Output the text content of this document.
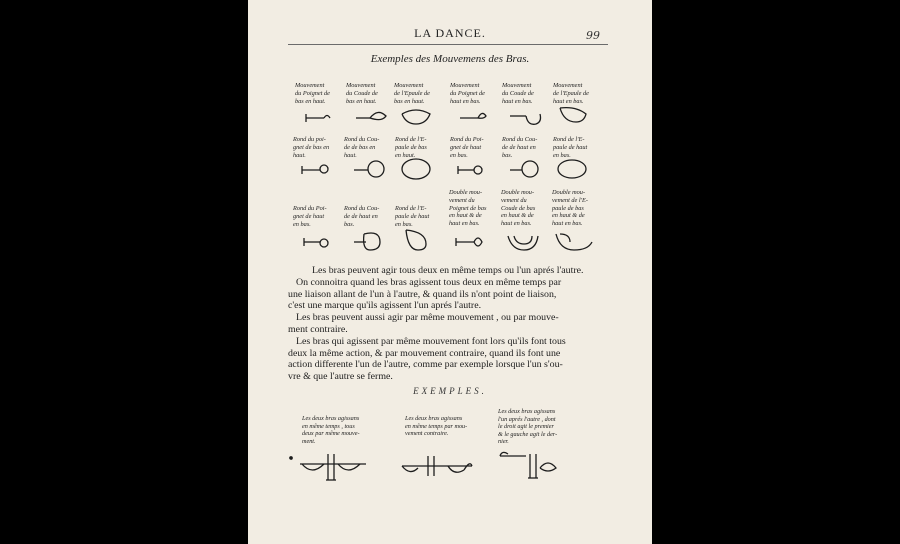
LA DANCE.	99
Exemples des Mouvemens des Bras.
Mouvement
du Poignet de
bas en haut.
Mouvement
du Coude de
bas en haut.
Mouvement
de l'Epaule de
bas en haut.
Mouvement
du Poignet de
haut en bas.
Mouvement
du Coude de
haut en bas.
Mouvement
de l'Epaule de
haut en bas.
Rond du poi-
gnet de bas en
haut.
Rond du Cou-
de de bas en
haut.
Rond de l'E-
paule de bas
en haut.
Rond du Poi-
gnet de haut
en bas.
Rond du Cou-
de de haut en
bas.
Rond de l'E-
paule de haut
en bas.
Rond du Poi-
gnet de haut
en bas.
Rond du Cou-
de de haut en
bas.
Rond de l'E-
paule de haut
en bas.
Double mou-
vement du
Poignet de bas
en haut & de
haut en bas.
Double mou-
vement du
Coude de bas
en haut & de
haut en bas.
Double mou-
vement de l'E-
paule de bas
en haut & de
haut en bas.
Les bras peuvent agir tous deux en même temps ou l'un aprés l'autre.
On connoitra quand les bras agissent tous deux en même temps par
une liaison allant de l'un à l'autre, & quand ils n'ont point de liaison,
c'est une marque qu'ils agissent l'un aprés l'autre.
Les bras peuvent aussi agir par même mouvement , ou par mouve-
ment contraire.
Les bras qui agissent par même mouvement font lors qu'ils font tous
deux la même action, & par mouvement contraire, quand ils font une
action differente l'un de l'autre, comme par exemple lorsque l'un s'ou-
vre & que l'autre se ferme.
EXEMPLES.
Les deux bras agissans
en même temps , tous
deux par même mouve-
ment.
Les deux bras agissans
en même temps par mou-
vement contraire.
Les deux bras agissans
l'un aprés l'autre , dont
le droit agit le premier
& le gauche agit le der-
nier.
